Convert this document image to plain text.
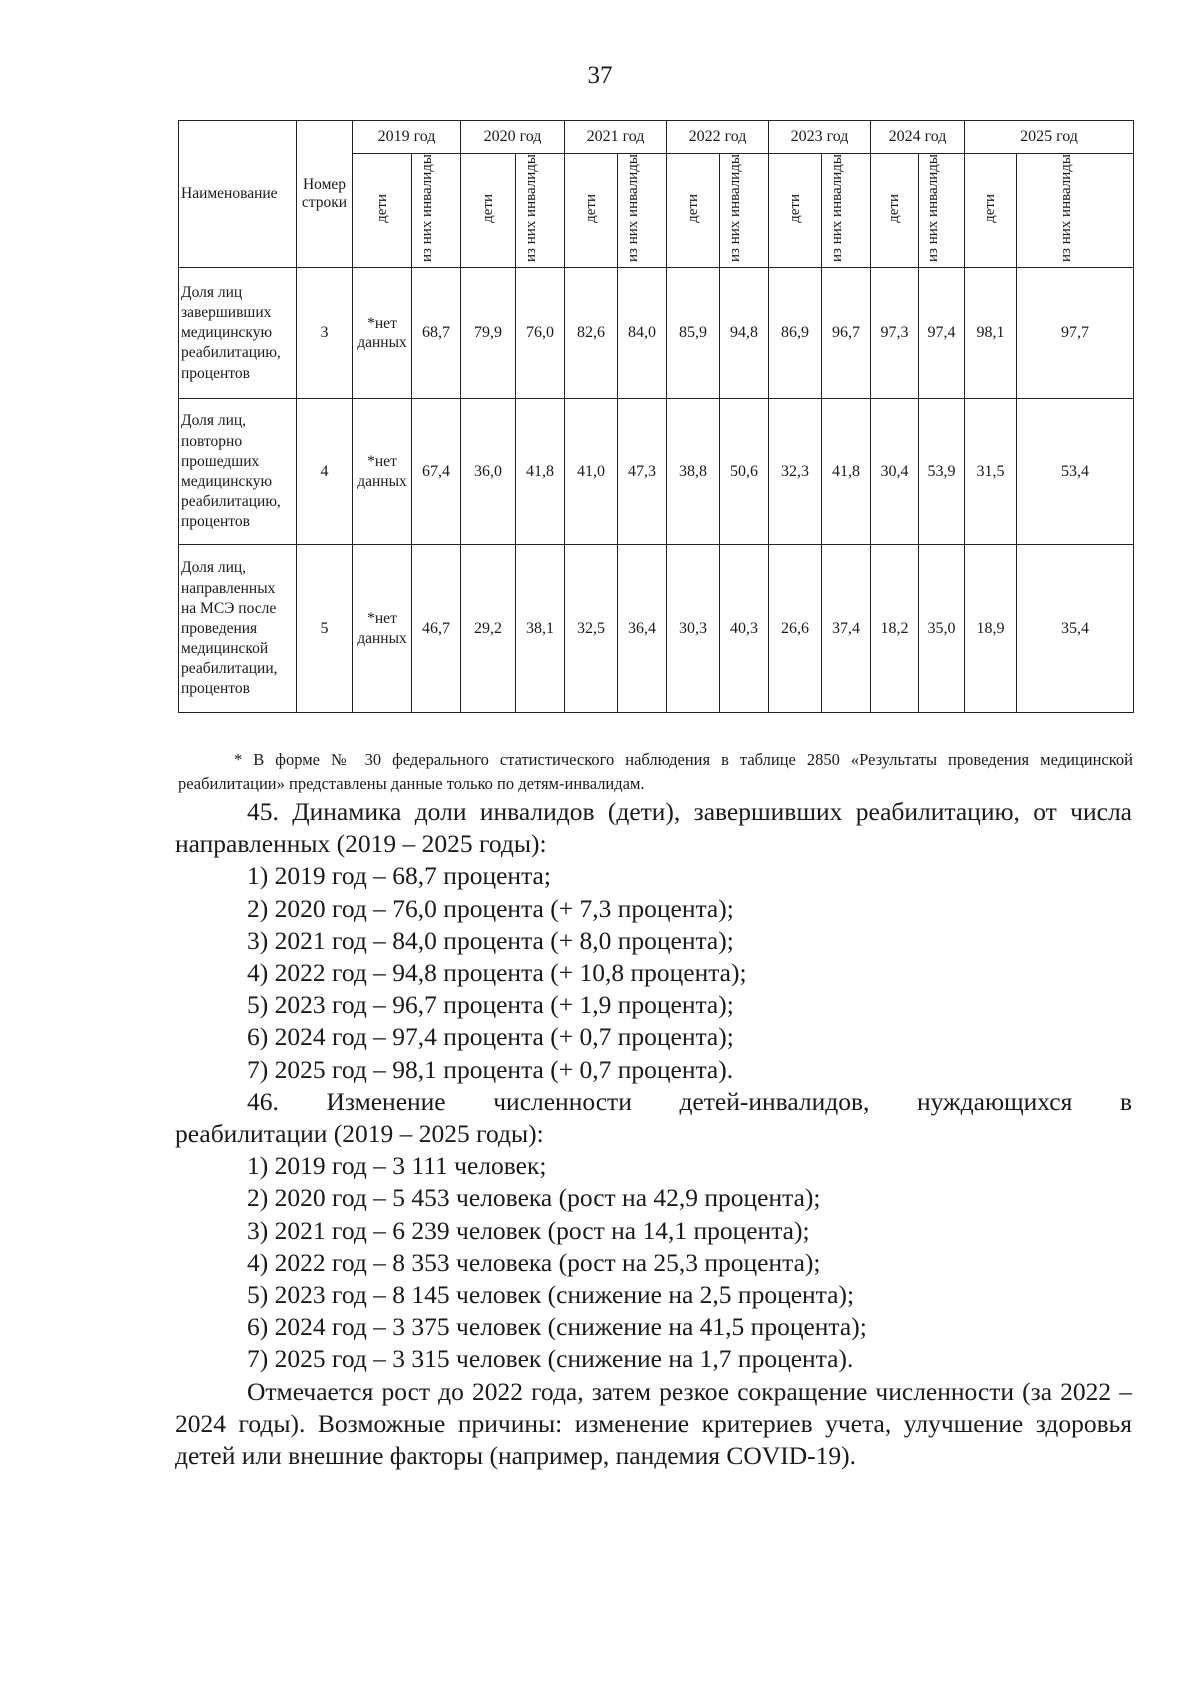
37
Наименование	Номер строки	2019 год		2020 год		2021 год		2022 год		2023 год		2024 год		2025 год	
		дети	из них инвалиды	дети	из них инвалиды	дети	из них инвалиды	дети	из них инвалиды	дети	из них инвалиды	дети	из них инвалиды	дети	из них инвалиды
Доля лиц завершивших медицинскую реабилитацию, процентов	3	*нет данных	68,7	79,9	76,0	82,6	84,0	85,9	94,8	86,9	96,7	97,3	97,4	98,1	97,7
Доля лиц, повторно прошедших медицинскую реабилитацию, процентов	4	*нет данных	67,4	36,0	41,8	41,0	47,3	38,8	50,6	32,3	41,8	30,4	53,9	31,5	53,4
Доля лиц, направленных на МСЭ после проведения медицинской реабилитации, процентов	5	*нет данных	46,7	29,2	38,1	32,5	36,4	30,3	40,3	26,6	37,4	18,2	35,0	18,9	35,4
* В форме № 30 федерального статистического наблюдения в таблице 2850 «Результаты проведения медицинской реабилитации» представлены данные только по детям-инвалидам.

45. Динамика доли инвалидов (дети), завершивших реабилитацию, от числа направленных (2019 – 2025 годы):

1) 2019 год – 68,7 процента;

2) 2020 год – 76,0 процента (+ 7,3 процента);

3) 2021 год – 84,0 процента (+ 8,0 процента);

4) 2022 год – 94,8 процента (+ 10,8 процента);

5) 2023 год – 96,7 процента (+ 1,9 процента);

6) 2024 год – 97,4 процента (+ 0,7 процента);

7) 2025 год – 98,1 процента (+ 0,7 процента).

46. Изменение численности детей-инвалидов, нуждающихся в

реабилитации (2019 – 2025 годы):

1) 2019 год – 3 111 человек;

2) 2020 год – 5 453 человека (рост на 42,9 процента);

3) 2021 год – 6 239 человек (рост на 14,1 процента);

4) 2022 год – 8 353 человека (рост на 25,3 процента);

5) 2023 год – 8 145 человек (снижение на 2,5 процента);

6) 2024 год – 3 375 человек (снижение на 41,5 процента);

7) 2025 год – 3 315 человек (снижение на 1,7 процента).

Отмечается рост до 2022 года, затем резкое сокращение численности (за 2022 – 2024 годы). Возможные причины: изменение критериев учета, улучшение здоровья детей или внешние факторы (например, пандемия COVID-19).
